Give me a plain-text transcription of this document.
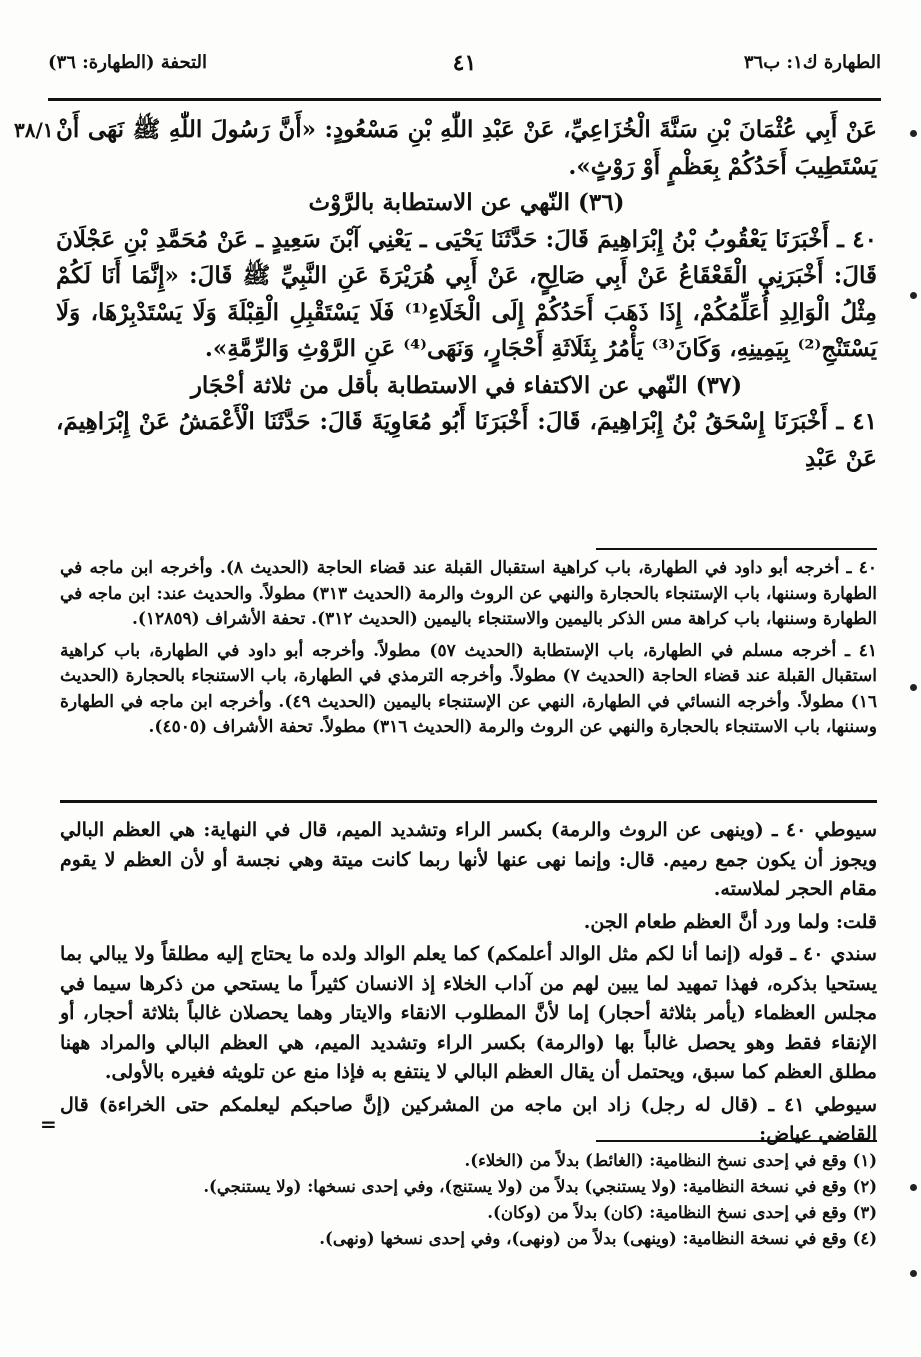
الطهارة ك١: ب٣٦
٤١
التحفة (الطهارة: ٣٦)
٣٨/١ عَنْ أَبِي عُثْمَانَ بْنِ سَنَّةَ الْخُزَاعِيِّ، عَنْ عَبْدِ اللّٰهِ بْنِ مَسْعُودٍ: «أَنَّ رَسُولَ اللّٰهِ ﷺ نَهَى أَنْ يَسْتَطِيبَ أَحَدُكُمْ بِعَظْمٍ أَوْ رَوْثٍ».

(٣٦) النّهي عن الاستطابة بالرَّوْث

٤٠ ـ أَخْبَرَنَا يَعْقُوبُ بْنُ إِبْرَاهِيمَ قَالَ: حَدَّثَنَا يَحْيَى ـ يَعْنِي آبْنَ سَعِيدٍ ـ عَنْ مُحَمَّدِ بْنِ عَجْلَانَ قَالَ: أَخْبَرَنِي الْقَعْقَاعُ عَنْ أَبِي صَالِحٍ، عَنْ أَبِي هُرَيْرَةَ عَنِ النَّبِيِّ ﷺ قَالَ: «إِنَّمَا أَنَا لَكُمْ مِثْلُ الْوَالِدِ أُعَلِّمُكُمْ، إِذَا ذَهَبَ أَحَدُكُمْ إِلَى الْخَلَاءِ⁽¹⁾ فَلَا يَسْتَقْبِلِ الْقِبْلَةَ وَلَا يَسْتَدْبِرْهَا، وَلَا يَسْتَنْجِ⁽²⁾ بِيَمِينِهِ، وَكَانَ⁽³⁾ يَأْمُرُ بِثَلَاثَةِ أَحْجَارٍ، وَنَهَى⁽⁴⁾ عَنِ الرَّوْثِ وَالرِّمَّةِ».

(٣٧) النّهي عن الاكتفاء في الاستطابة بأقل من ثلاثة أحْجَار

٤١ ـ أَخْبَرَنَا إِسْحَقُ بْنُ إِبْرَاهِيمَ، قَالَ: أَخْبَرَنَا أَبُو مُعَاوِيَةَ قَالَ: حَدَّثَنَا الْأَعْمَشُ عَنْ إِبْرَاهِيمَ، عَنْ عَبْدِ

٤٠ ـ أخرجه أبو داود في الطهارة، باب كراهية استقبال القبلة عند قضاء الحاجة (الحديث ٨). وأخرجه ابن ماجه في الطهارة وسننها، باب الإستنجاء بالحجارة والنهي عن الروث والرمة (الحديث ٣١٣) مطولاً. والحديث عند: ابن ماجه في الطهارة وسننها، باب كراهة مس الذكر باليمين والاستنجاء باليمين (الحديث ٣١٢). تحفة الأشراف (١٢٨٥٩).

٤١ ـ أخرجه مسلم في الطهارة، باب الإستطابة (الحديث ٥٧) مطولاً. وأخرجه أبو داود في الطهارة، باب كراهية استقبال القبلة عند قضاء الحاجة (الحديث ٧) مطولاً. وأخرجه الترمذي في الطهارة، باب الاستنجاء بالحجارة (الحديث ١٦) مطولاً. وأخرجه النسائي في الطهارة، النهي عن الإستنجاء باليمين (الحديث ٤٩). وأخرجه ابن ماجه في الطهارة وسننها، باب الاستنجاء بالحجارة والنهي عن الروث والرمة (الحديث ٣١٦) مطولاً. تحفة الأشراف (٤٥٠٥).

سيوطي ٤٠ ـ (وينهى عن الروث والرمة) بكسر الراء وتشديد الميم، قال في النهاية: هي العظم البالي ويجوز أن يكون جمع رميم. قال: وإنما نهى عنها لأنها ربما كانت ميتة وهي نجسة أو لأن العظم لا يقوم مقام الحجر لملاسته.

قلت: ولما ورد أنَّ العظم طعام الجن.

سندي ٤٠ ـ قوله (إنما أنا لكم مثل الوالد أعلمكم) كما يعلم الوالد ولده ما يحتاج إليه مطلقاً ولا يبالي بما يستحيا بذكره، فهذا تمهيد لما يبين لهم من آداب الخلاء إذ الانسان كثيراً ما يستحي من ذكرها سيما في مجلس العظماء (يأمر بثلاثة أحجار) إما لأنَّ المطلوب الانقاء والايتار وهما يحصلان غالباً بثلاثة أحجار، أو الإنقاء فقط وهو يحصل غالباً بها (والرمة) بكسر الراء وتشديد الميم، هي العظم البالي والمراد ههنا مطلق العظم كما سبق، ويحتمل أن يقال العظم البالي لا ينتفع به فإذا منع عن تلويثه فغيره بالأولى.

سيوطي ٤١ ـ (قال له رجل) زاد ابن ماجه من المشركين (إنَّ صاحبكم ليعلمكم حتى الخراءة) قال القاضي عياض:

=

(١) وقع في إحدى نسخ النظامية: (الغائط) بدلاً من (الخلاء).

(٢) وقع في نسخة النظامية: (ولا يستنجي) بدلاً من (ولا يستنج)، وفي إحدى نسخها: (ولا يستنجي).

(٣) وقع في إحدى نسخ النظامية: (كان) بدلاً من (وكان).

(٤) وقع في نسخة النظامية: (وينهى) بدلاً من (ونهى)، وفي إحدى نسخها (ونهى).
